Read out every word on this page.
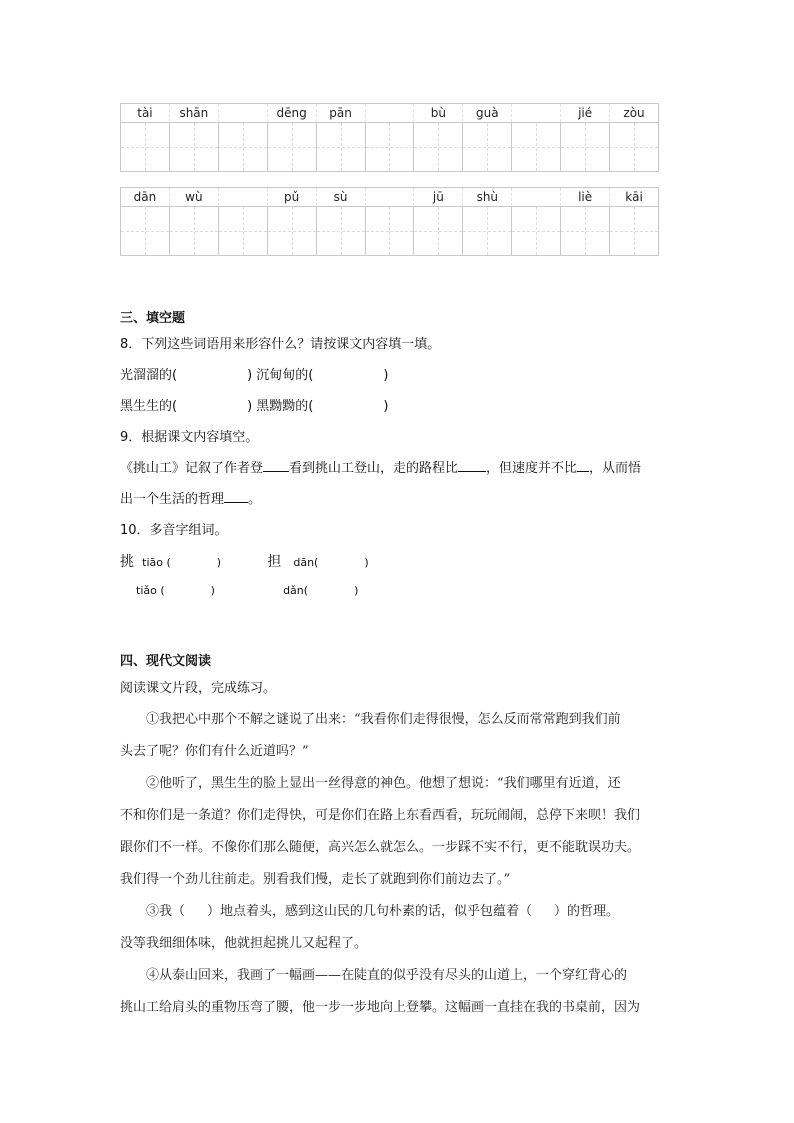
tài	shān	dēng	pān	bù	guà	jié	zòu
dān	wù	pǔ	sù	jū	shù	liè	kāi
三、填空题
8．下列这些词语用来形容什么？请按课文内容填一填。
光溜溜的(	) 沉甸甸的(	)
黑生生的(	) 黑黝黝的(	)
9．根据课文内容填空。
《挑山工》记叙了作者登 看到挑山工登山，走的路程比 ，但速度并不比 ，从而悟
出一个生活的哲理 。
10．多音字组词。
挑 tiāo (	)	担 dān(	)
tiǎo (	)	dǎn(	)
四、现代文阅读
阅读课文片段，完成练习。
①我把心中那个不解之谜说了出来：“我看你们走得很慢，怎么反而常常跑到我们前
头去了呢？你们有什么近道吗？”
②他听了，黑生生的脸上显出一丝得意的神色。他想了想说：“我们哪里有近道，还
不和你们是一条道？你们走得快，可是你们在路上东看西看，玩玩闹闹，总停下来呗！我们
跟你们不一样。不像你们那么随便，高兴怎么就怎么。一步踩不实不行，更不能耽误功夫。
我们得一个劲儿往前走。别看我们慢，走长了就跑到你们前边去了。”
③我（ ）地点着头，感到这山民的几句朴素的话，似乎包蕴着（ ）的哲理。
没等我细细体味，他就担起挑儿又起程了。
④从泰山回来，我画了一幅画——在陡直的似乎没有尽头的山道上，一个穿红背心的
挑山工给肩头的重物压弯了腰，他一步一步地向上登攀。这幅画一直挂在我的书桌前，因为
